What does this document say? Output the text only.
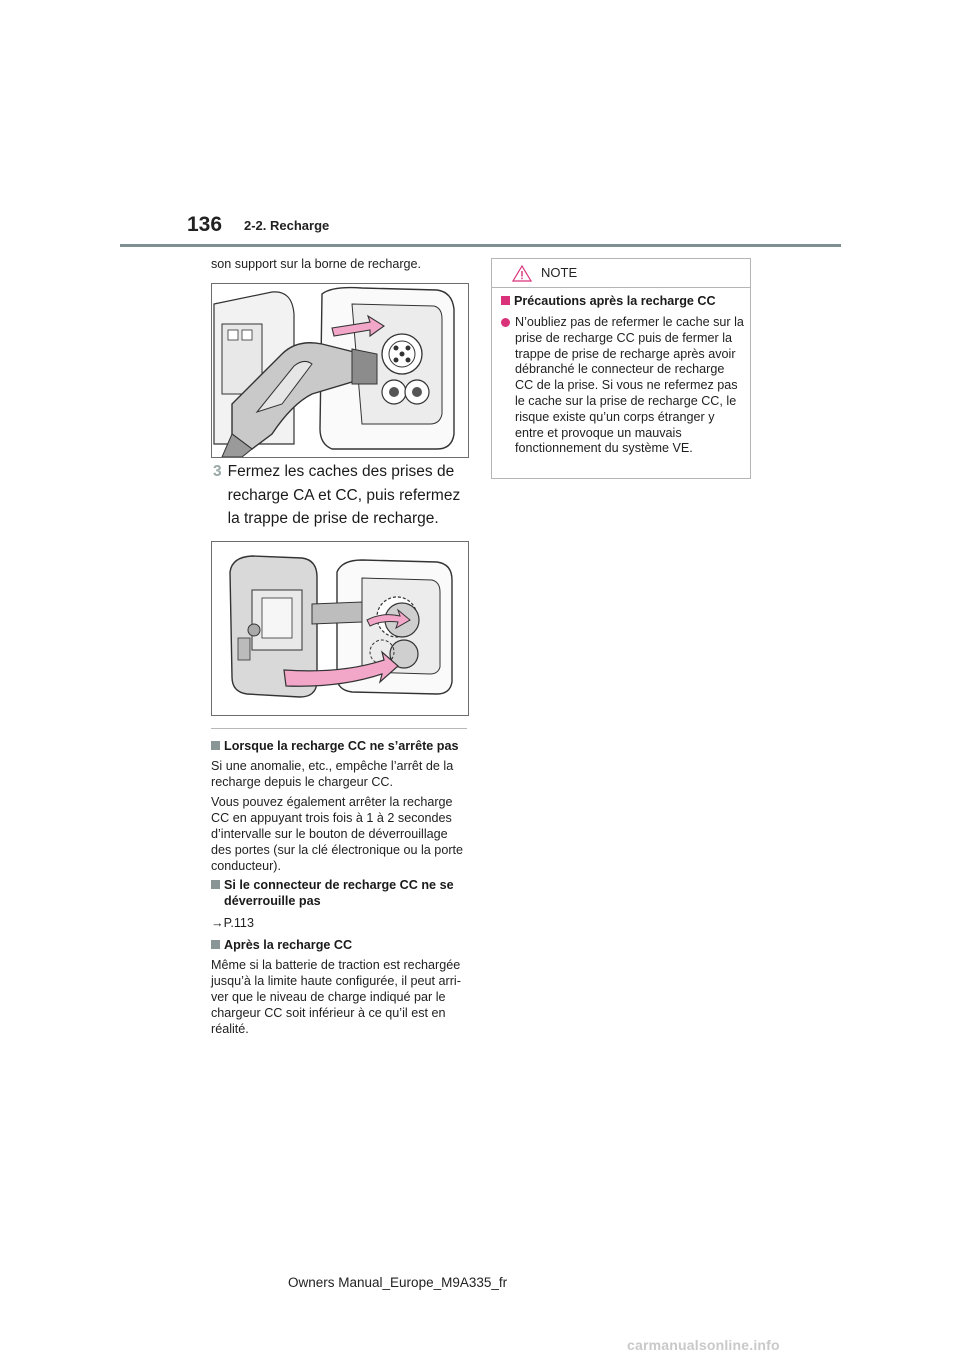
136 2-2. Recharge
son support sur la borne de recharge.
3 Fermez les caches des prises de recharge CA et CC, puis refermez la trappe de prise de recharge.
Lorsque la recharge CC ne s’arrête pas
Si une anomalie, etc., empêche l’arrêt de la recharge depuis le chargeur CC.
Vous pouvez également arrêter la recharge CC en appuyant trois fois à 1 à 2 secondes d’intervalle sur le bouton de déverrouillage des portes (sur la clé électronique ou la porte conducteur).
Si le connecteur de recharge CC ne se déverrouille pas
→P.113
Après la recharge CC
Même si la batterie de traction est rechargée jusqu’à la limite haute configurée, il peut arri- ver que le niveau de charge indiqué par le chargeur CC soit inférieur à ce qu’il est en réalité.
NOTE
Précautions après la recharge CC
N’oubliez pas de refermer le cache sur la prise de recharge CC puis de fermer la trappe de prise de recharge après avoir débranché le connecteur de recharge CC de la prise. Si vous ne refermez pas le cache sur la prise de recharge CC, le risque existe qu’un corps étranger y entre et provoque un mauvais fonctionnement du système VE.
Owners Manual_Europe_M9A335_fr
carmanualsonline.info
